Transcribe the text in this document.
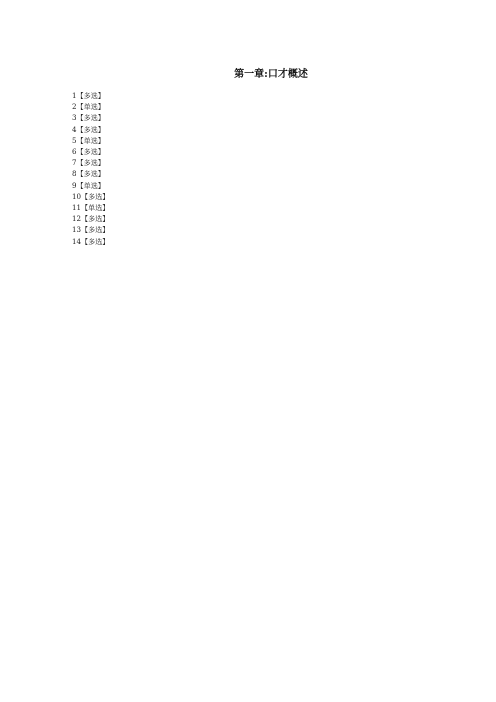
第一章:口才概述
1【多选】
2【单选】
3【多选】
4【多选】
5【单选】
6【多选】
7【多选】
8【多选】
9【单选】
10【多选】
11【单选】
12【多选】
13【多选】
14【多选】
